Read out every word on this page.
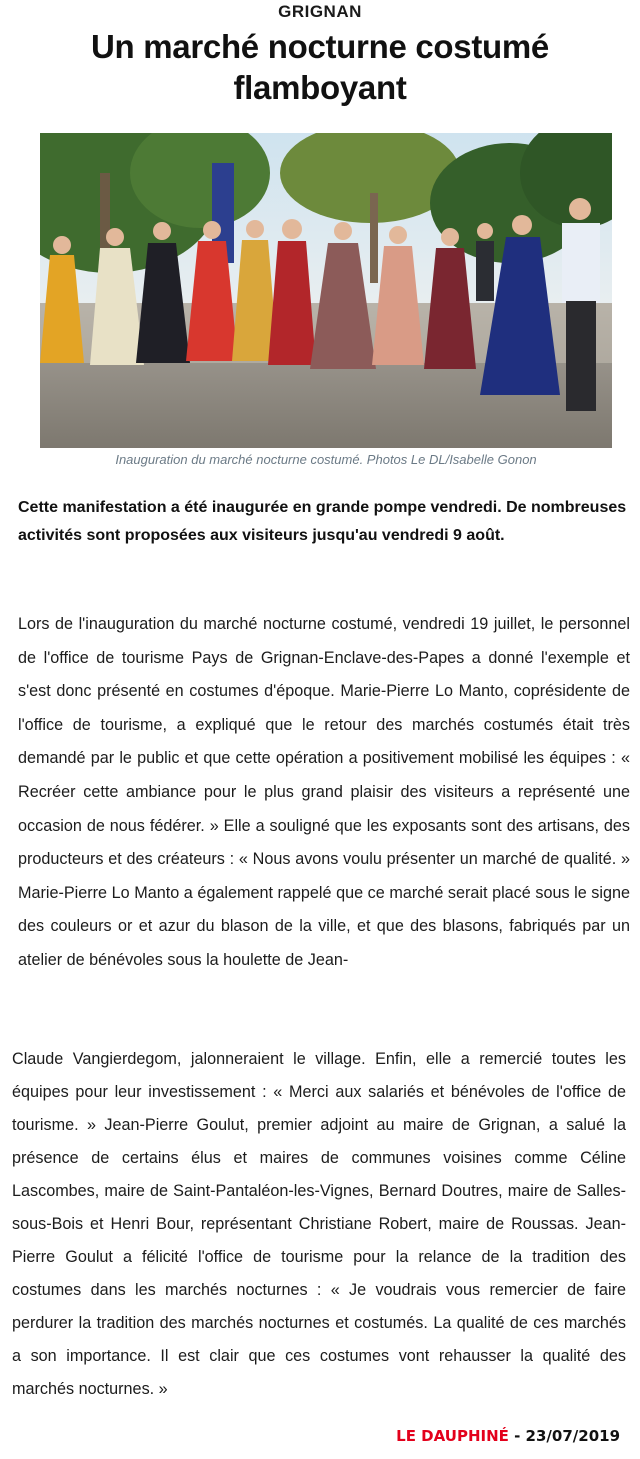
GRIGNAN
Un marché nocturne costumé
flamboyant
Inauguration du marché nocturne costumé. Photos Le DL/Isabelle Gonon
Cette manifestation a été inaugurée en grande pompe vendredi. De nombreuses activités sont proposées aux visiteurs jusqu'au vendredi 9 août.
Lors de l'inauguration du marché nocturne costumé, vendredi 19 juillet, le personnel de l'office de tourisme Pays de Grignan-Enclave-des-Papes a donné l'exemple et s'est donc présenté en costumes d'époque. Marie-Pierre Lo Manto, coprésidente de l'office de tourisme, a expliqué que le retour des marchés costumés était très demandé par le public et que cette opération a positivement mobilisé les équipes : « Recréer cette ambiance pour le plus grand plaisir des visiteurs a représenté une occasion de nous fédérer. » Elle a souligné que les exposants sont des artisans, des producteurs et des créateurs : « Nous avons voulu présenter un marché de qualité. » Marie-Pierre Lo Manto a également rappelé que ce marché serait placé sous le signe des couleurs or et azur du blason de la ville, et que des blasons, fabriqués par un atelier de bénévoles sous la houlette de Jean-
Claude Vangierdegom, jalonneraient le village. Enfin, elle a remercié toutes les équipes pour leur investissement : « Merci aux salariés et bénévoles de l'office de tourisme. » Jean-Pierre Goulut, premier adjoint au maire de Grignan, a salué la présence de certains élus et maires de communes voisines comme Céline Lascombes, maire de Saint-Pantaléon-les-Vignes, Bernard Doutres, maire de Salles-sous-Bois et Henri Bour, représentant Christiane Robert, maire de Roussas. Jean-Pierre Goulut a félicité l'office de tourisme pour la relance de la tradition des costumes dans les marchés nocturnes : « Je voudrais vous remercier de faire perdurer la tradition des marchés nocturnes et costumés. La qualité de ces marchés a son importance. Il est clair que ces costumes vont rehausser la qualité des marchés nocturnes. »
LE DAUPHINÉ - 23/07/2019
